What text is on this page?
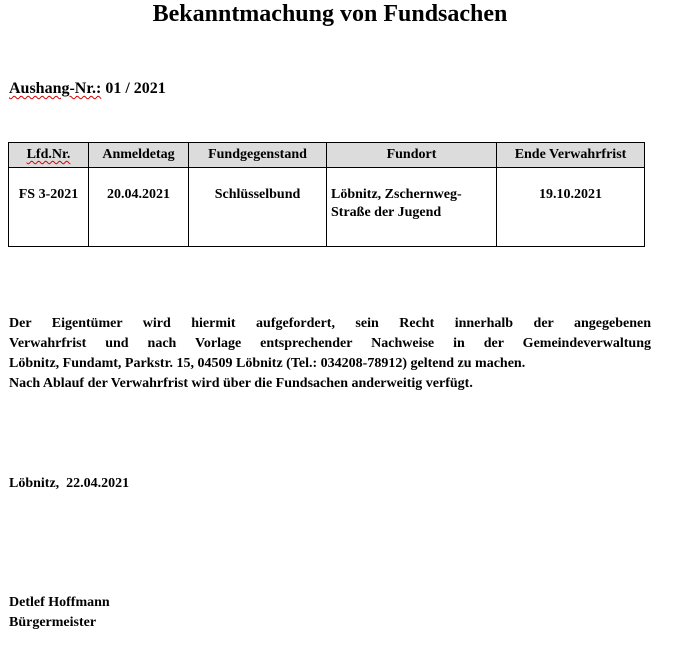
Bekanntmachung von Fundsachen
Aushang-Nr.: 01 / 2021
Lfd.Nr.	Anmeldetag	Fundgegenstand	Fundort	Ende Verwahrfrist
FS 3-2021	20.04.2021	Schlüsselbund	Löbnitz, Zschernweg-
Straße der Jugend	19.10.2021
Der Eigentümer wird hiermit aufgefordert, sein Recht innerhalb der angegebenen
Verwahrfrist und nach Vorlage entsprechender Nachweise in der Gemeindeverwaltung
Löbnitz, Fundamt, Parkstr. 15, 04509 Löbnitz (Tel.: 034208-78912) geltend zu machen.
Nach Ablauf der Verwahrfrist wird über die Fundsachen anderweitig verfügt.
Löbnitz,  22.04.2021
Detlef Hoffmann
Bürgermeister
